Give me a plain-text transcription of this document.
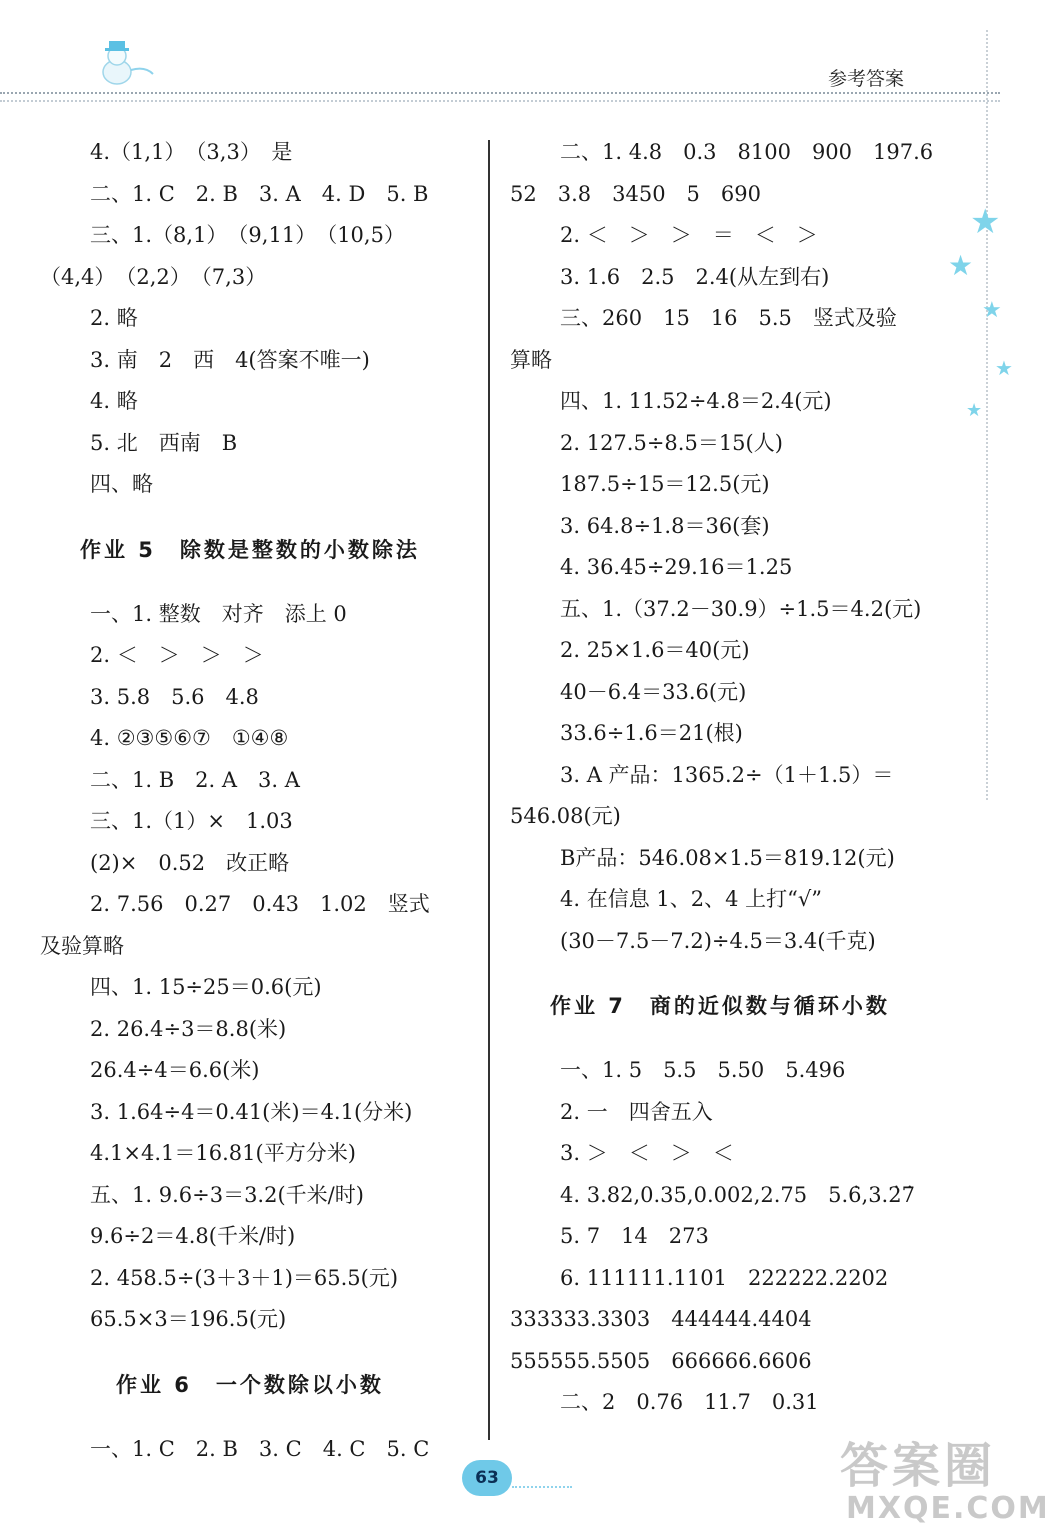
参考答案
★
★
★
★
★
4.（1,1）　（3,3）　是
二、1. C　2. B　3. A　4. D　5. B
三、1.（8,1）　（9,11）　（10,5）
（4,4）　（2,2）　（7,3）
2. 略
3. 南　2　西　4(答案不唯一)
4. 略
5. 北　西南　B
四、略
作业 5　除数是整数的小数除法
一、1. 整数　对齐　添上 0
2. ＜　＞　＞　＞
3. 5.8　5.6　4.8
4. ②③⑤⑥⑦　①④⑧
二、1. B　2. A　3. A
三、1.（1）×　1.03
(2)×　0.52　改正略
2. 7.56　0.27　0.43　1.02　竖式
及验算略
四、1. 15÷25＝0.6(元)
2. 26.4÷3＝8.8(米)
26.4÷4＝6.6(米)
3. 1.64÷4＝0.41(米)＝4.1(分米)
4.1×4.1＝16.81(平方分米)
五、1. 9.6÷3＝3.2(千米/时)
9.6÷2＝4.8(千米/时)
2. 458.5÷(3＋3＋1)＝65.5(元)
65.5×3＝196.5(元)
作业 6　一个数除以小数
一、1. C　2. B　3. C　4. C　5. C
二、1. 4.8　0.3　8100　900　197.6
52　3.8　3450　5　690
2. ＜　＞　＞　＝　＜　＞
3. 1.6　2.5　2.4(从左到右)
三、260　15　16　5.5　竖式及验
算略
四、1. 11.52÷4.8＝2.4(元)
2. 127.5÷8.5＝15(人)
187.5÷15＝12.5(元)
3. 64.8÷1.8＝36(套)
4. 36.45÷29.16＝1.25
五、1.（37.2－30.9）÷1.5＝4.2(元)
2. 25×1.6＝40(元)
40－6.4＝33.6(元)
33.6÷1.6＝21(根)
3. A 产品：1365.2÷（1＋1.5）＝
546.08(元)
B产品：546.08×1.5＝819.12(元)
4. 在信息 1、2、4 上打“√”
(30－7.5－7.2)÷4.5＝3.4(千克)
作业 7　商的近似数与循环小数
一、1. 5　5.5　5.50　5.496
2. 一　四舍五入
3. ＞　＜　＞　＜
4. 3.82,0.35,0.002,2.75　5.6̇,3.2̇7̇
5. 7　14　273
6. 111111.1101　222222.2202
333333.3303　444444.4404
555555.5505　666666.6606
二、2　0.76　11.7　0.31
63	答案圈
MXQE.COM
